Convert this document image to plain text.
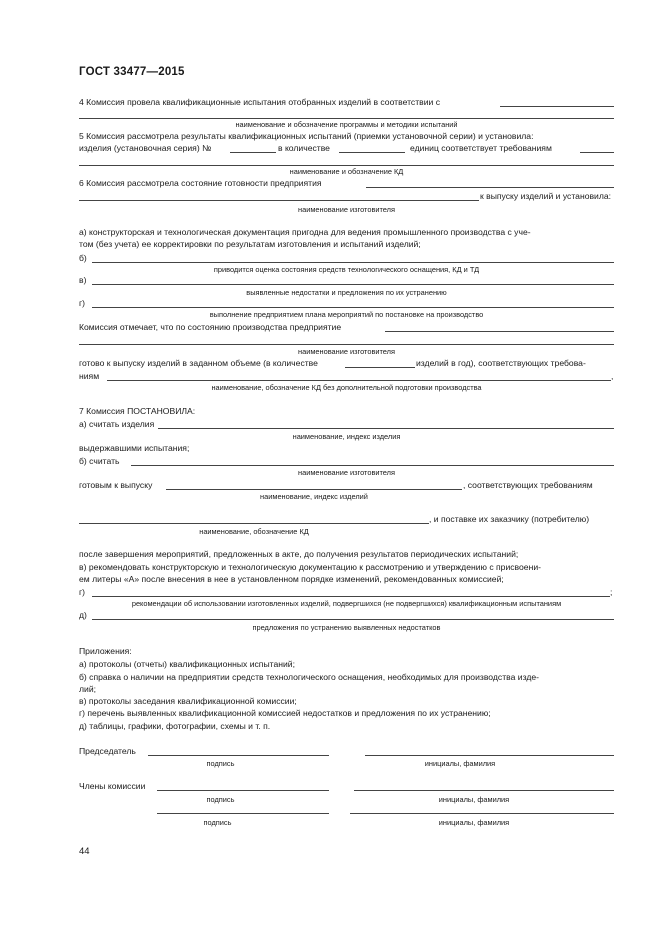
ГОСТ 33477—2015
4 Комиссия провела квалификационные испытания отобранных изделий в соответствии с
наименование и обозначение программы и методики испытаний
5 Комиссия рассмотрела результаты квалификационных испытаний (приемки установочной серии) и установила:
изделия (установочная серия) №	в количестве	единиц соответствует требованиям
наименование и обозначение КД
6 Комиссия рассмотрела состояние готовности предприятия
к выпуску изделий и установила:
наименование изготовителя
а) конструкторская и технологическая документация пригодна для ведения промышленного производства с уче-
том (без учета) ее корректировки по результатам изготовления и испытаний изделий;
б)
приводится оценка состояния средств технологического оснащения, КД и ТД
в)
выявленные недостатки и предложения по их устранению
г)
выполнение предприятием плана мероприятий по постановке на производство
Комиссия отмечает, что по состоянию производства предприятие
наименование изготовителя
готово к выпуску изделий в заданном объеме (в количестве	изделий в год), соответствующих требова-
ниям	,
наименование, обозначение КД без дополнительной подготовки производства
7 Комиссия ПОСТАНОВИЛА:
а) считать изделия
наименование, индекс изделия
выдержавшими испытания;
б) считать
наименование изготовителя
готовым к выпуску	, соответствующих требованиям
наименование, индекс изделий
, и поставке их заказчику (потребителю)
наименование, обозначение КД
после завершения мероприятий, предложенных в акте, до получения результатов периодических испытаний;
в) рекомендовать конструкторскую и технологическую документацию к рассмотрению и утверждению с присвоени-
ем литеры «А» после внесения в нее в установленном порядке изменений, рекомендованных комиссией;
г)	;
рекомендации об использовании изготовленных изделий, подвергшихся (не подвергшихся) квалификационным испытаниям
д)
предложения по устранению выявленных недостатков
Приложения:
а) протоколы (отчеты) квалификационных испытаний;
б) справка о наличии на предприятии средств технологического оснащения, необходимых для производства изде-
лий;
в) протоколы заседания квалификационной комиссии;
г) перечень выявленных квалификационной комиссией недостатков и предложения по их устранению;
д) таблицы, графики, фотографии, схемы и т. п.
Председатель
подпись	инициалы, фамилия
Члены комиссии
подпись	инициалы, фамилия
подпись	инициалы, фамилия
44
